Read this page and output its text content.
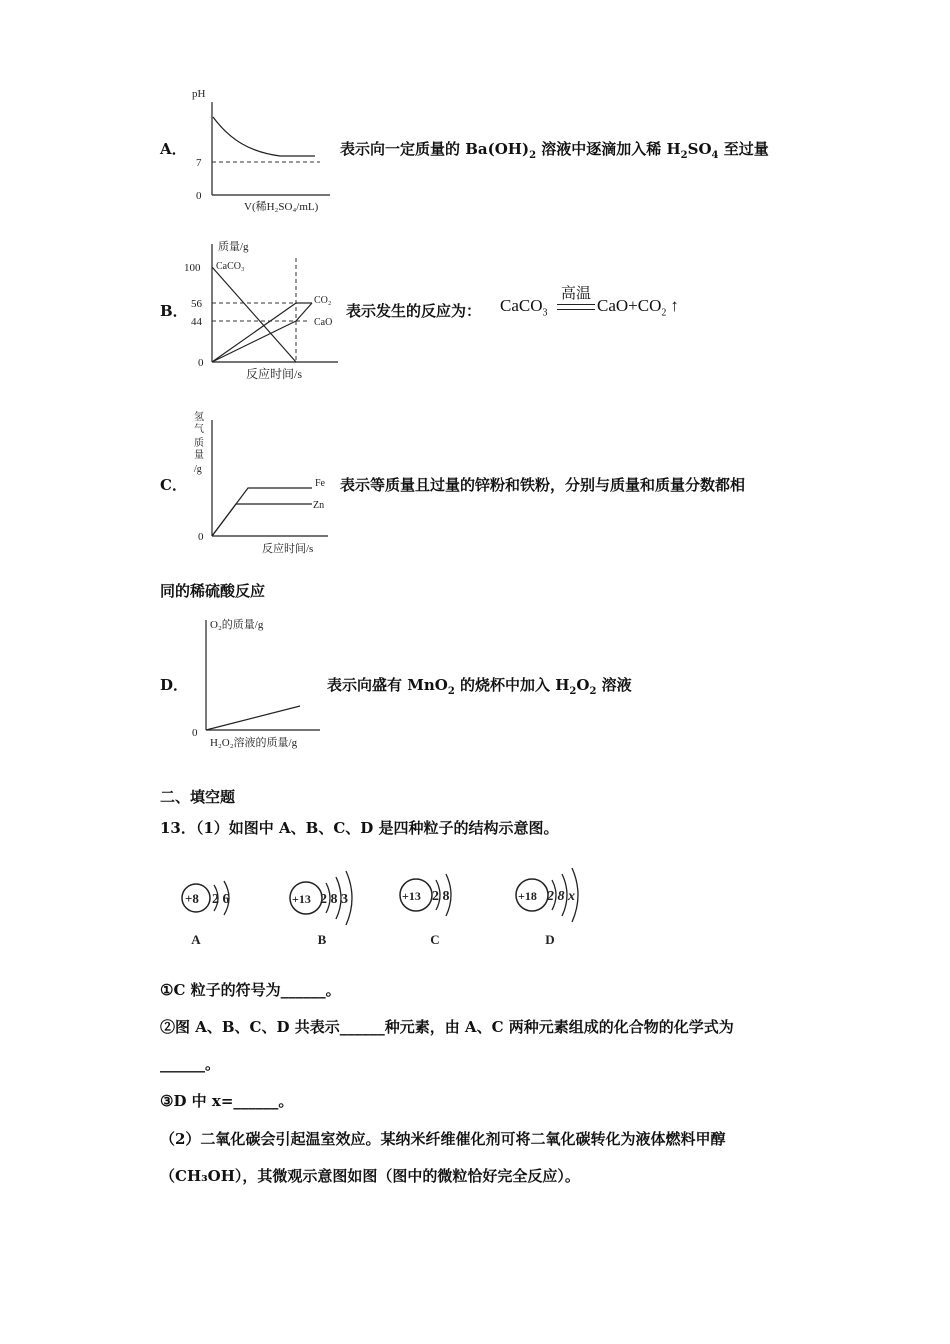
A．
pH
7
0
V(稀H₂SO₄/mL)
表示向一定质量的 $Ba(OH)_2$ 溶液中逐滴加入稀 $H_2SO_4$ 至过量
B．
质量/g
100
56
44
0
CaCO₃
CO₂
CaO
反应时间/s
表示发生的反应为： CaCO$_3$
高温
$CaO+CO_2$ ↑
C．
氢
气
质
量
/g
0
Fe
Zn
反应时间/s
表示等质量且过量的锌粉和铁粉，分别与质量和质量分数都相
同的稀硫酸反应
D．
O₂的质量/g
0
H₂O₂溶液的质量/g
表示向盛有 MnO$_2$ 的烧杯中加入 $H_2O_2$ 溶液
二、填空题
13．（1）如图中 A、B、C、D 是四种粒子的结构示意图。
+8 2 6
A
+13 2 8 3
B
+13 2 8
C
+18 2 8 x
D
①C 粒子的符号为______。
②图 A、B、C、D 共表示______种元素，由 A、C 两种元素组成的化合物的化学式为
______。
③D 中 x=______。
（2）二氧化碳会引起温室效应。某纳米纤维催化剂可将二氧化碳转化为液体燃料甲醇
（CH₃OH），其微观示意图如图（图中的微粒恰好完全反应）。
